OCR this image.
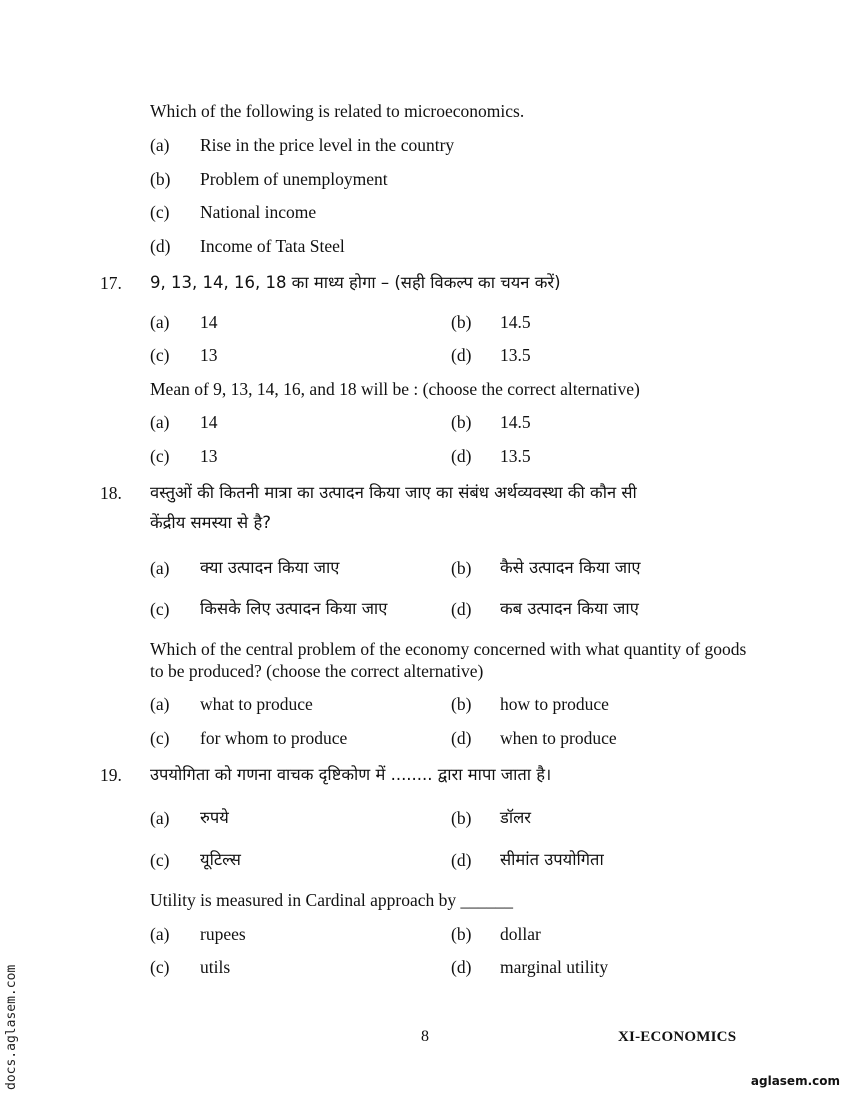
Which of the following is related to microeconomics.
(a) Rise in the price level in the country
(b) Problem of unemployment
(c) National income
(d) Income of Tata Steel
17. 9, 13, 14, 16, 18 का माध्य होगा – (सही विकल्प का चयन करें)
(a) 14	(b) 14.5
(c) 13	(d) 13.5
Mean of 9, 13, 14, 16, and 18 will be : (choose the correct alternative)
(a) 14	(b) 14.5
(c) 13	(d) 13.5
18. वस्तुओं की कितनी मात्रा का उत्पादन किया जाए का संबंध अर्थव्यवस्था की कौन सी
केंद्रीय समस्या से है?
(a) क्या उत्पादन किया जाए	(b) कैसे उत्पादन किया जाए
(c) किसके लिए उत्पादन किया जाए	(d) कब उत्पादन किया जाए
Which of the central problem of the economy concerned with what quantity of goods to be produced? (choose the correct alternative)
(a) what to produce	(b) how to produce
(c) for whom to produce	(d) when to produce
19. उपयोगिता को गणना वाचक दृष्टिकोण में ........ द्वारा मापा जाता है।
(a) रुपये	(b) डॉलर
(c) यूटिल्स	(d) सीमांत उपयोगिता
Utility is measured in Cardinal approach by ______
(a) rupees	(b) dollar
(c) utils	(d) marginal utility
8	XI-ECONOMICS
docs.aglasem.com	aglasem.com
